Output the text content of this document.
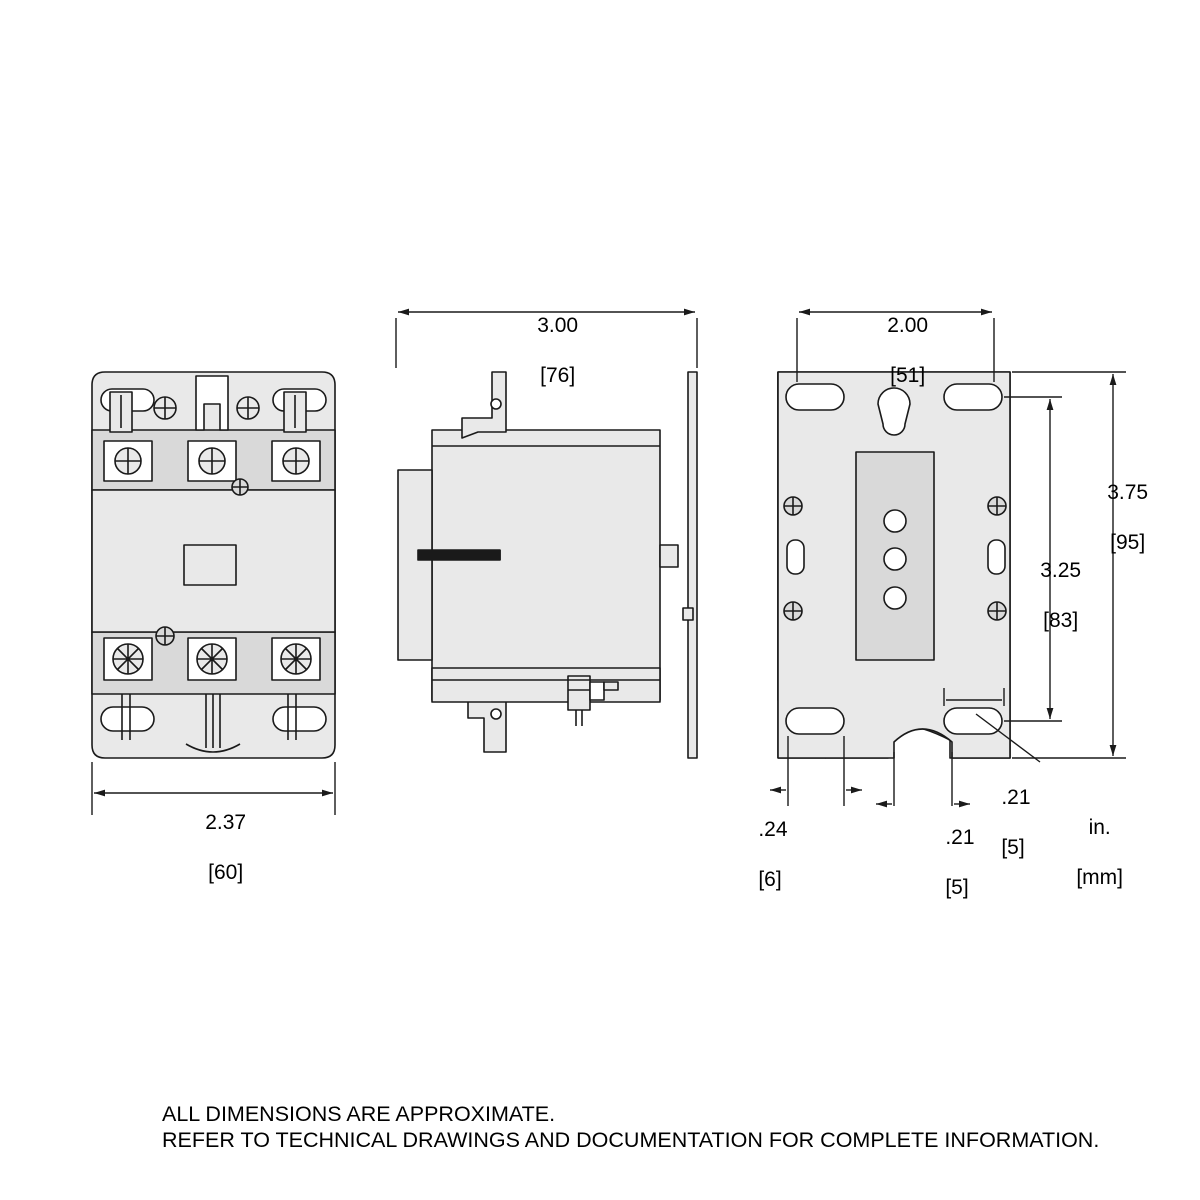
2.37

[60]

3.00

[76]

2.00

[51]

3.75

[95]

3.25

[83]

.21

[5]

.24

[6]

.21

[5]

in.

[mm]

ALL DIMENSIONS ARE APPROXIMATE.
REFER TO TECHNICAL DRAWINGS AND DOCUMENTATION FOR COMPLETE INFORMATION.
